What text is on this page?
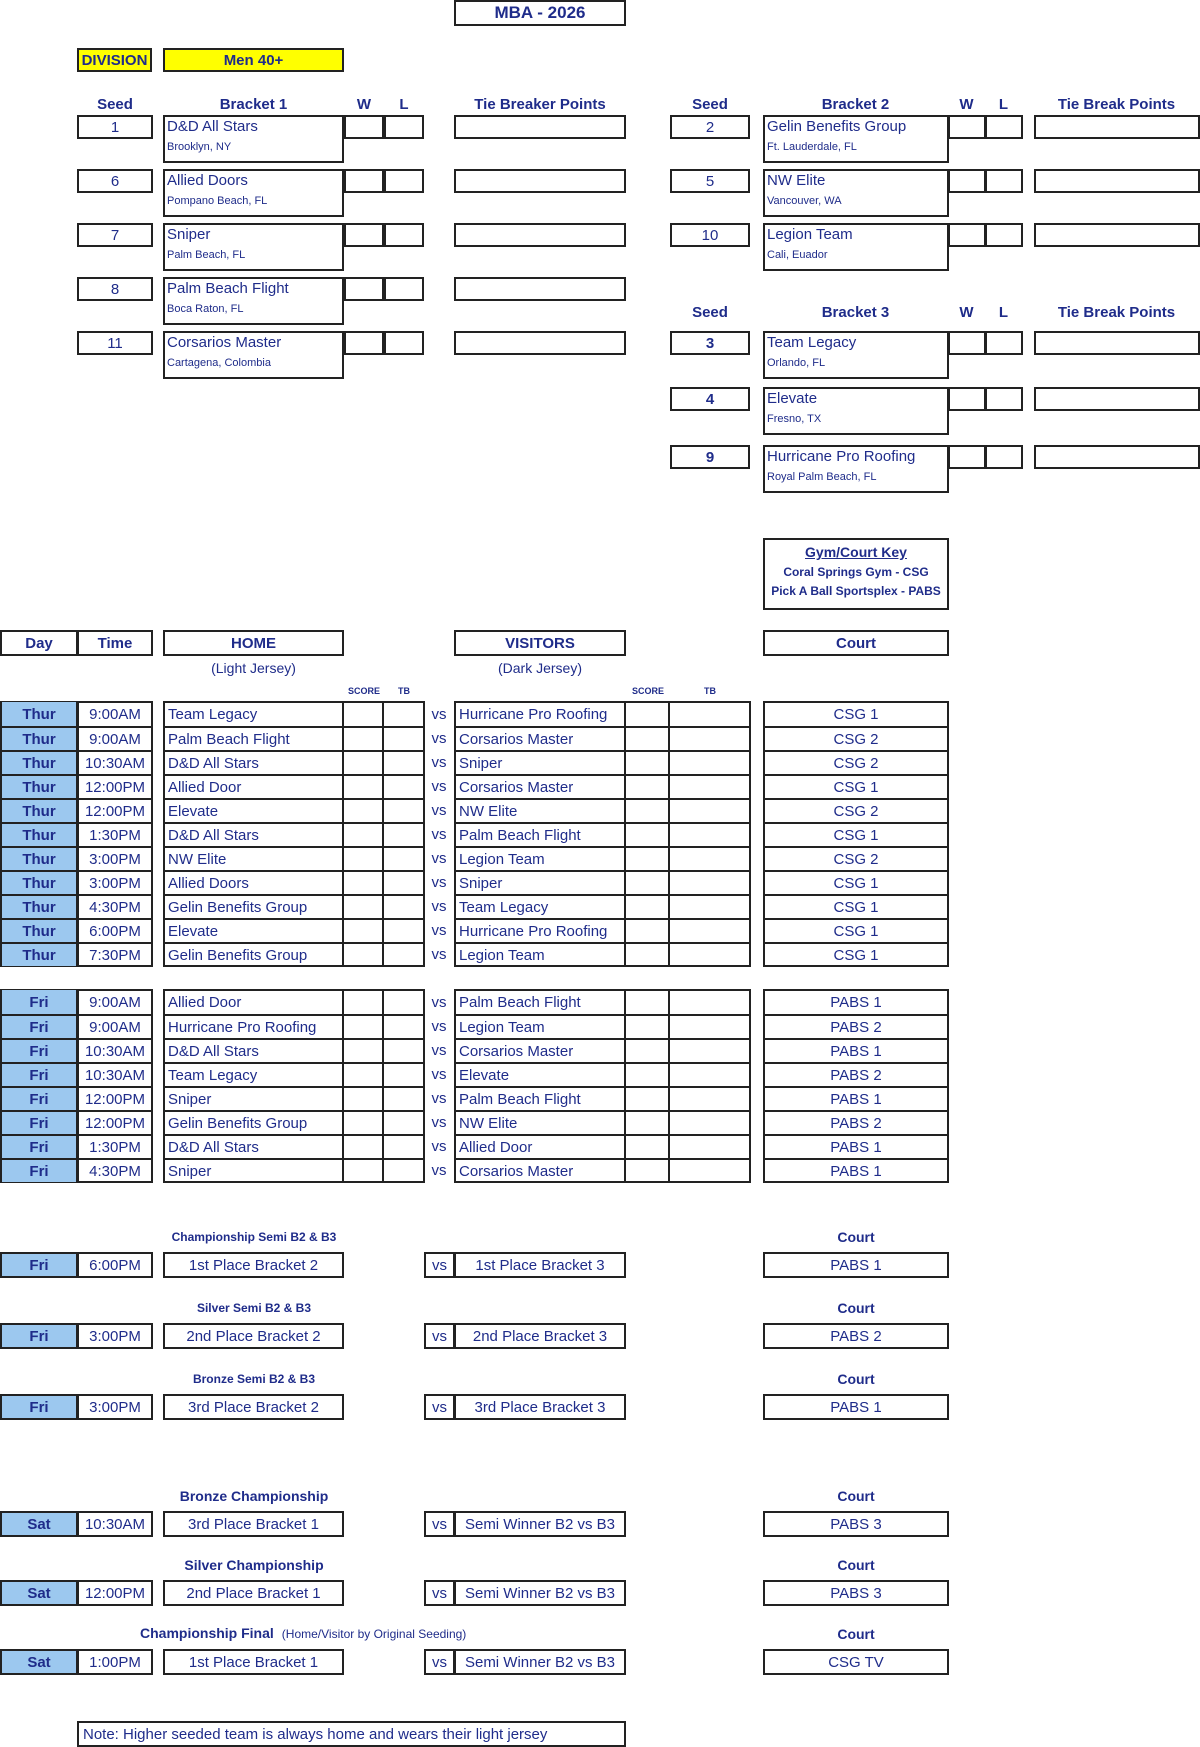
MBA - 2026
DIVISION	Men 40+
Seed	Bracket 1	W	L	Tie Breaker Points	Seed	Bracket 2	W	L	Tie Break Points
Seed	Bracket 3	W	L	Tie Break Points
1	D&D All Stars
Brooklyn, NY
6	Allied Doors
Pompano Beach, FL
7	Sniper
Palm Beach, FL
8	Palm Beach Flight
Boca Raton, FL
11	Corsarios Master
Cartagena, Colombia
2	Gelin Benefits Group
Ft. Lauderdale, FL
5	NW Elite
Vancouver, WA
10	Legion Team
Cali, Euador
3	Team Legacy
Orlando, FL
4	Elevate
Fresno, TX
9	Hurricane Pro Roofing
Royal Palm Beach, FL
Gym/Court Key
Coral Springs Gym - CSG
Pick A Ball Sportsplex - PABS
Day	Time	HOME
(Light Jersey)
VISITORS
(Dark Jersey)
Court
SCORE	TB	SCORE	TB
Thur	9:00AM	Team Legacy	vs Hurricane Pro Roofing	CSG 1
Thur	9:00AM	Palm Beach Flight	vs Corsarios Master	CSG 2
Thur	10:30AM	D&D All Stars	vs Sniper	CSG 2
Thur	12:00PM	Allied Door	vs Corsarios Master	CSG 1
Thur	12:00PM	Elevate	vs NW Elite	CSG 2
Thur	1:30PM	D&D All Stars	vs Palm Beach Flight	CSG 1
Thur	3:00PM	NW Elite	vs Legion Team	CSG 2
Thur	3:00PM	Allied Doors	vs Sniper	CSG 1
Thur	4:30PM	Gelin Benefits Group	vs Team Legacy	CSG 1
Thur	6:00PM	Elevate	vs Hurricane Pro Roofing	CSG 1
Thur	7:30PM	Gelin Benefits Group	vs Legion Team	CSG 1
Fri	9:00AM	Allied Door	vs Palm Beach Flight	PABS 1
Fri	9:00AM	Hurricane Pro Roofing	vs Legion Team	PABS 2
Fri	10:30AM	D&D All Stars	vs Corsarios Master	PABS 1
Fri	10:30AM	Team Legacy	vs Elevate	PABS 2
Fri	12:00PM	Sniper	vs Palm Beach Flight	PABS 1
Fri	12:00PM	Gelin Benefits Group	vs NW Elite	PABS 2
Fri	1:30PM	D&D All Stars	vs Allied Door	PABS 1
Fri	4:30PM	Sniper	vs Corsarios Master	PABS 1
Championship Semi B2 & B3	Court
Fri	6:00PM	1st Place Bracket 2	vs	1st Place Bracket 3	PABS 1
Silver Semi B2 & B3	Court
Fri	3:00PM	2nd Place Bracket 2	vs	2nd Place Bracket 3	PABS 2
Bronze Semi B2 & B3	Court
Fri	3:00PM	3rd Place Bracket 2	vs	3rd Place Bracket 3	PABS 1
Bronze Championship	Court
Sat	10:30AM	3rd Place Bracket 1	vs	Semi Winner B2 vs B3	PABS 3
Silver Championship	Court
Sat	12:00PM	2nd Place Bracket 1	vs	Semi Winner B2 vs B3	PABS 3
Championship Final (Home/Visitor by Original Seeding)	Court
Sat	1:00PM	1st Place Bracket 1	vs	Semi Winner B2 vs B3	CSG TV
Note: Higher seeded team is always home and wears their light jersey
